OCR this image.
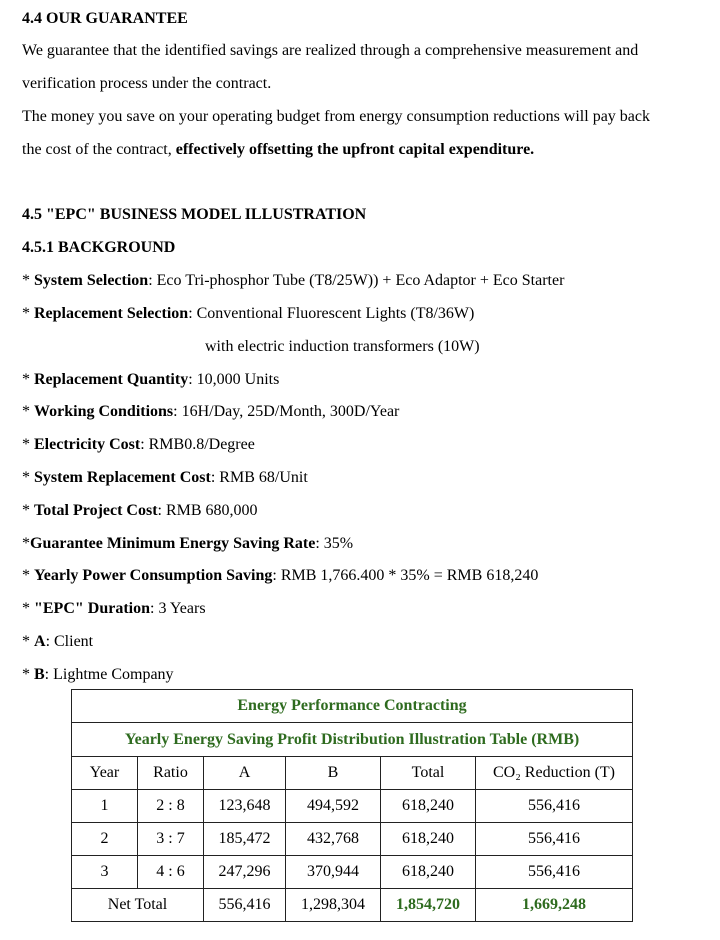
4.4 OUR GUARANTEE
We guarantee that the identified savings are realized through a comprehensive measurement and
verification process under the contract.
The money you save on your operating budget from energy consumption reductions will pay back
the cost of the contract, effectively offsetting the upfront capital expenditure.
4.5 "EPC" BUSINESS MODEL ILLUSTRATION
4.5.1 BACKGROUND
* System Selection: Eco Tri-phosphor Tube (T8/25W)) + Eco Adaptor + Eco Starter
* Replacement Selection: Conventional Fluorescent Lights (T8/36W)
with electric induction transformers (10W)
* Replacement Quantity: 10,000 Units
* Working Conditions: 16H/Day, 25D/Month, 300D/Year
* Electricity Cost: RMB0.8/Degree
* System Replacement Cost: RMB 68/Unit
* Total Project Cost: RMB 680,000
*Guarantee Minimum Energy Saving Rate: 35%
* Yearly Power Consumption Saving: RMB 1,766.400 * 35% = RMB 618,240
* "EPC" Duration: 3 Years
* A: Client
* B: Lightme Company
Energy Performance Contracting					
Yearly Energy Saving Profit Distribution Illustration Table (RMB)					
Year	Ratio	A	B	Total	CO₂ Reduction (T)
1	2 : 8	123,648	494,592	618,240	556,416
2	3 : 7	185,472	432,768	618,240	556,416
3	4 : 6	247,296	370,944	618,240	556,416
Net Total		556,416	1,298,304	1,854,720	1,669,248
